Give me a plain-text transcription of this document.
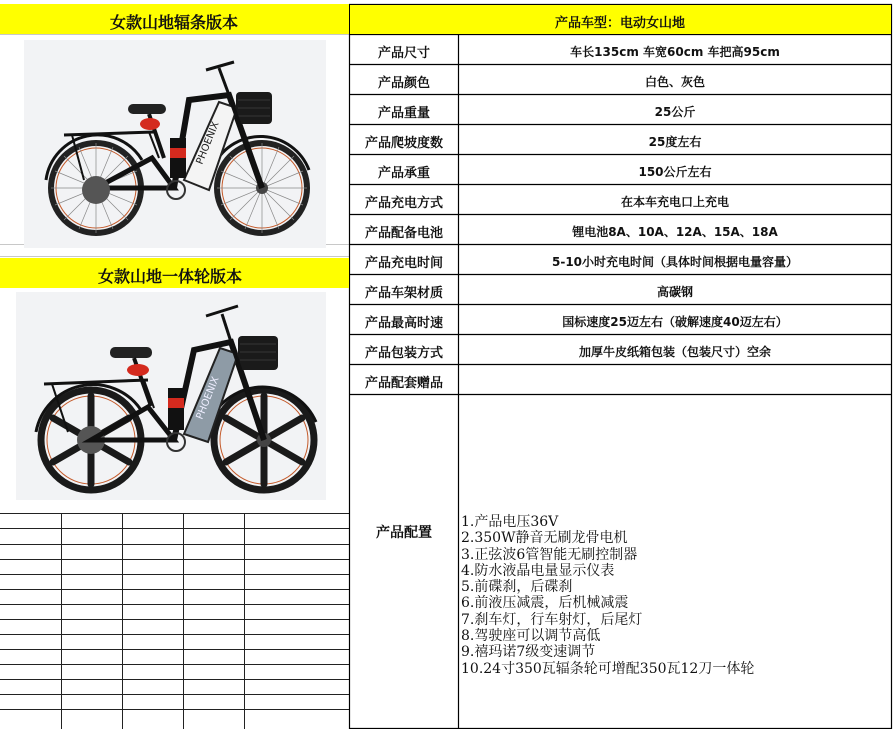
女款山地辐条版本	产品车型：电动女山地
女款山地一体轮版本
PHOENIX
PHOENIX
产品尺寸	车长135cm 车宽60cm 车把高95cm
产品颜色	白色、灰色
产品重量	25公斤
产品爬坡度数	25度左右
产品承重	150公斤左右
产品充电方式	在本车充电口上充电
产品配备电池	锂电池8A、10A、12A、15A、18A
产品充电时间	5-10小时充电时间（具体时间根据电量容量）
产品车架材质	高碳钢
产品最高时速	国标速度25迈左右（破解速度40迈左右）
产品包装方式	加厚牛皮纸箱包装（包装尺寸）空余
产品配套赠品
产品配置
1.产品电压36V
2.350W静音无刷龙骨电机
3.正弦波6管智能无刷控制器
4.防水液晶电量显示仪表
5.前碟刹，后碟刹
6.前液压减震，后机械减震
7.刹车灯，行车射灯，后尾灯
8.驾驶座可以调节高低
9.禧玛诺7级变速调节
10.24寸350瓦辐条轮可增配350瓦12刀一体轮
